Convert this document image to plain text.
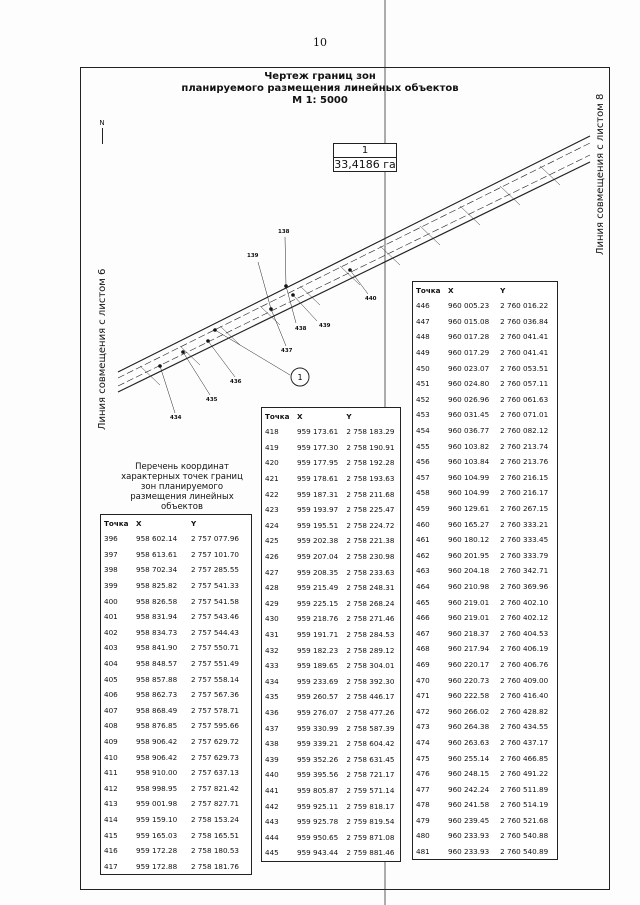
10
Чертеж границ зон
планируемого размещения линейных объектов
М 1: 5000
N
1
434
435
436
437
438 439
440
138
139
1
33,4186 га
Линия совмещения с листом 6
Линия совмещения с листом 8
Перечень координат характерных точек границ зон планируемого размещения линейных объектов
Точка	X	Y
396	958 602.14	2 757 077.96
397	958 613.61	2 757 101.70
398	958 702.34	2 757 285.55
399	958 825.82	2 757 541.33
400	958 826.58	2 757 541.58
401	958 831.94	2 757 543.46
402	958 834.73	2 757 544.43
403	958 841.90	2 757 550.71
404	958 848.57	2 757 551.49
405	958 857.88	2 757 558.14
406	958 862.73	2 757 567.36
407	958 868.49	2 757 578.71
408	958 876.85	2 757 595.66
409	958 906.42	2 757 629.72
410	958 906.42	2 757 629.73
411	958 910.00	2 757 637.13
412	958 998.95	2 757 821.42
413	959 001.98	2 757 827.71
414	959 159.10	2 758 153.24
415	959 165.03	2 758 165.51
416	959 172.28	2 758 180.53
417	959 172.88	2 758 181.76
Точка	X	Y
418	959 173.61	2 758 183.29
419	959 177.30	2 758 190.91
420	959 177.95	2 758 192.28
421	959 178.61	2 758 193.63
422	959 187.31	2 758 211.68
423	959 193.97	2 758 225.47
424	959 195.51	2 758 224.72
425	959 202.38	2 758 221.38
426	959 207.04	2 758 230.98
427	959 208.35	2 758 233.63
428	959 215.49	2 758 248.31
429	959 225.15	2 758 268.24
430	959 218.76	2 758 271.46
431	959 191.71	2 758 284.53
432	959 182.23	2 758 289.12
433	959 189.65	2 758 304.01
434	959 233.69	2 758 392.30
435	959 260.57	2 758 446.17
436	959 276.07	2 758 477.26
437	959 330.99	2 758 587.39
438	959 339.21	2 758 604.42
439	959 352.26	2 758 631.45
440	959 395.56	2 758 721.17
441	959 805.87	2 759 571.14
442	959 925.11	2 759 818.17
443	959 925.78	2 759 819.54
444	959 950.65	2 759 871.08
445	959 943.44	2 759 881.46
Точка	X	Y
446	960 005.23	2 760 016.22
447	960 015.08	2 760 036.84
448	960 017.28	2 760 041.41
449	960 017.29	2 760 041.41
450	960 023.07	2 760 053.51
451	960 024.80	2 760 057.11
452	960 026.96	2 760 061.63
453	960 031.45	2 760 071.01
454	960 036.77	2 760 082.12
455	960 103.82	2 760 213.74
456	960 103.84	2 760 213.76
457	960 104.99	2 760 216.15
458	960 104.99	2 760 216.17
459	960 129.61	2 760 267.15
460	960 165.27	2 760 333.21
461	960 180.12	2 760 333.45
462	960 201.95	2 760 333.79
463	960 204.18	2 760 342.71
464	960 210.98	2 760 369.96
465	960 219.01	2 760 402.10
466	960 219.01	2 760 402.12
467	960 218.37	2 760 404.53
468	960 217.94	2 760 406.19
469	960 220.17	2 760 406.76
470	960 220.73	2 760 409.00
471	960 222.58	2 760 416.40
472	960 266.02	2 760 428.82
473	960 264.38	2 760 434.55
474	960 263.63	2 760 437.17
475	960 255.14	2 760 466.85
476	960 248.15	2 760 491.22
477	960 242.24	2 760 511.89
478	960 241.58	2 760 514.19
479	960 239.45	2 760 521.68
480	960 233.93	2 760 540.88
481	960 233.93	2 760 540.89
